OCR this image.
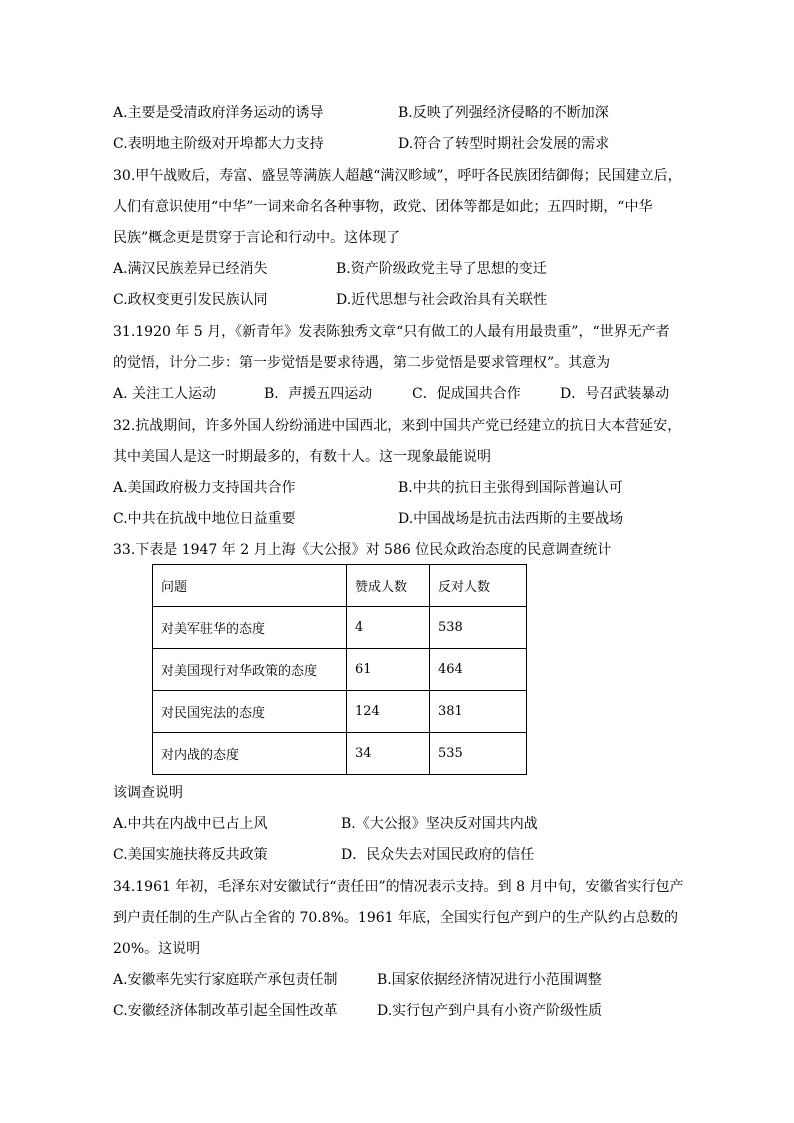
A.主要是受清政府洋务运动的诱导	B.反映了列强经济侵略的不断加深
C.表明地主阶级对开埠都大力支持	D.符合了转型时期社会发展的需求
30.甲午战败后，寿富、盛昱等满族人超越“满汉畛域”，呼吁各民族团结御侮；民国建立后，
人们有意识使用“中华”一词来命名各种事物，政党、团体等都是如此；五四时期，“中华
民族”概念更是贯穿于言论和行动中。这体现了
A.满汉民族差异已经消失	B.资产阶级政党主导了思想的变迁
C.政权变更引发民族认同	D.近代思想与社会政治具有关联性
31.1920 年 5 月，《新青年》发表陈独秀文章“只有做工的人最有用最贵重”，“世界无产者
的觉悟，计分二步：第一步觉悟是要求待遇，第二步觉悟是要求管理权”。其意为
A. 关注工人运动	B．声援五四运动	C．促成国共合作	D．号召武装暴动
32.抗战期间，许多外国人纷纷涌进中国西北，来到中国共产党已经建立的抗日大本营延安，
其中美国人是这一时期最多的，有数十人。这一现象最能说明
A.美国政府极力支持国共合作	B.中共的抗日主张得到国际普遍认可
C.中共在抗战中地位日益重要	D.中国战场是抗击法西斯的主要战场
33.下表是 1947 年 2 月上海《大公报》对 586 位民众政治态度的民意调查统计
问题	赞成人数	反对人数
对美军驻华的态度	4	538
对美国现行对华政策的态度	61	464
对民国宪法的态度	124	381
对内战的态度	34	535
该调查说明
A.中共在内战中已占上风	B.《大公报》坚决反对国共内战
C.美国实施扶蒋反共政策	D．民众失去对国民政府的信任
34.1961 年初，毛泽东对安徽试行“责任田”的情况表示支持。到 8 月中旬，安徽省实行包产
到户责任制的生产队占全省的 70.8%。1961 年底，全国实行包产到户的生产队约占总数的
20%。这说明
A.安徽率先实行家庭联产承包责任制	B.国家依据经济情况进行小范围调整
C.安徽经济体制改革引起全国性改革	D.实行包产到户具有小资产阶级性质
